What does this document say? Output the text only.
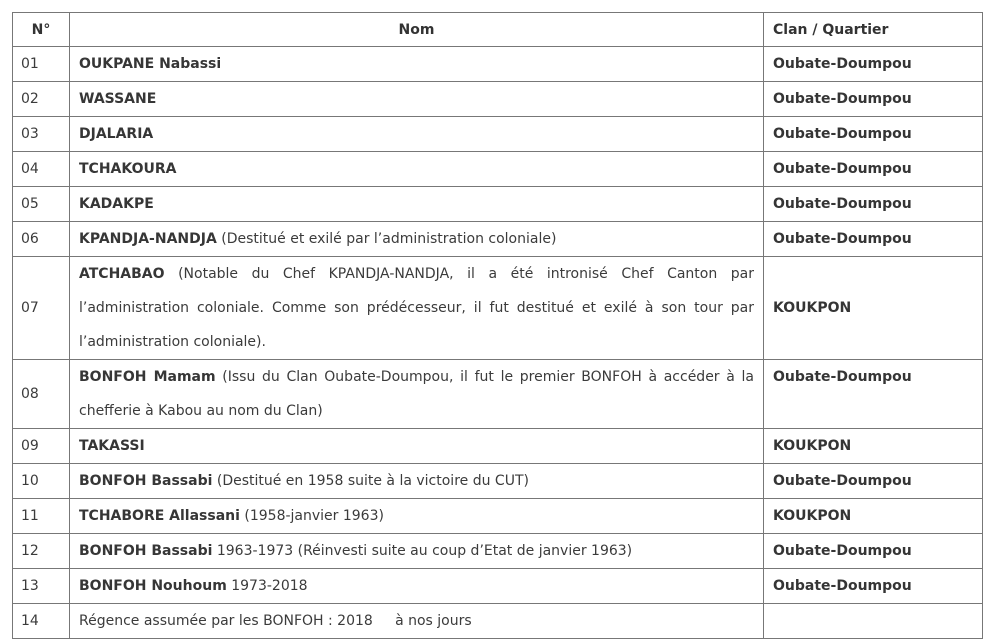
N°	Nom	Clan / Quartier
01	OUKPANE Nabassi	Oubate-Doumpou
02	WASSANE	Oubate-Doumpou
03	DJALARIA	Oubate-Doumpou
04	TCHAKOURA	Oubate-Doumpou
05	KADAKPE	Oubate-Doumpou
06	KPANDJA-NANDJA (Destitué et exilé par l’administration coloniale)	Oubate-Doumpou
07	ATCHABAO (Notable du Chef KPANDJA-NANDJA, il a été intronisé Chef Canton par l’administration coloniale. Comme son prédécesseur, il fut destitué et exilé à son tour par l’administration coloniale).	KOUKPON
08	BONFOH Mamam (Issu du Clan Oubate-Doumpou, il fut le premier BONFOH à accéder à la chefferie à Kabou au nom du Clan)	Oubate-Doumpou
09	TAKASSI	KOUKPON
10	BONFOH Bassabi (Destitué en 1958 suite à la victoire du CUT)	Oubate-Doumpou
11	TCHABORE Allassani (1958-janvier 1963)	KOUKPON
12	BONFOH Bassabi 1963-1973 (Réinvesti suite au coup d’Etat de janvier 1963)	Oubate-Doumpou
13	BONFOH Nouhoum 1973-2018	Oubate-Doumpou
14	Régence assumée par les BONFOH : 2018     à nos jours	
